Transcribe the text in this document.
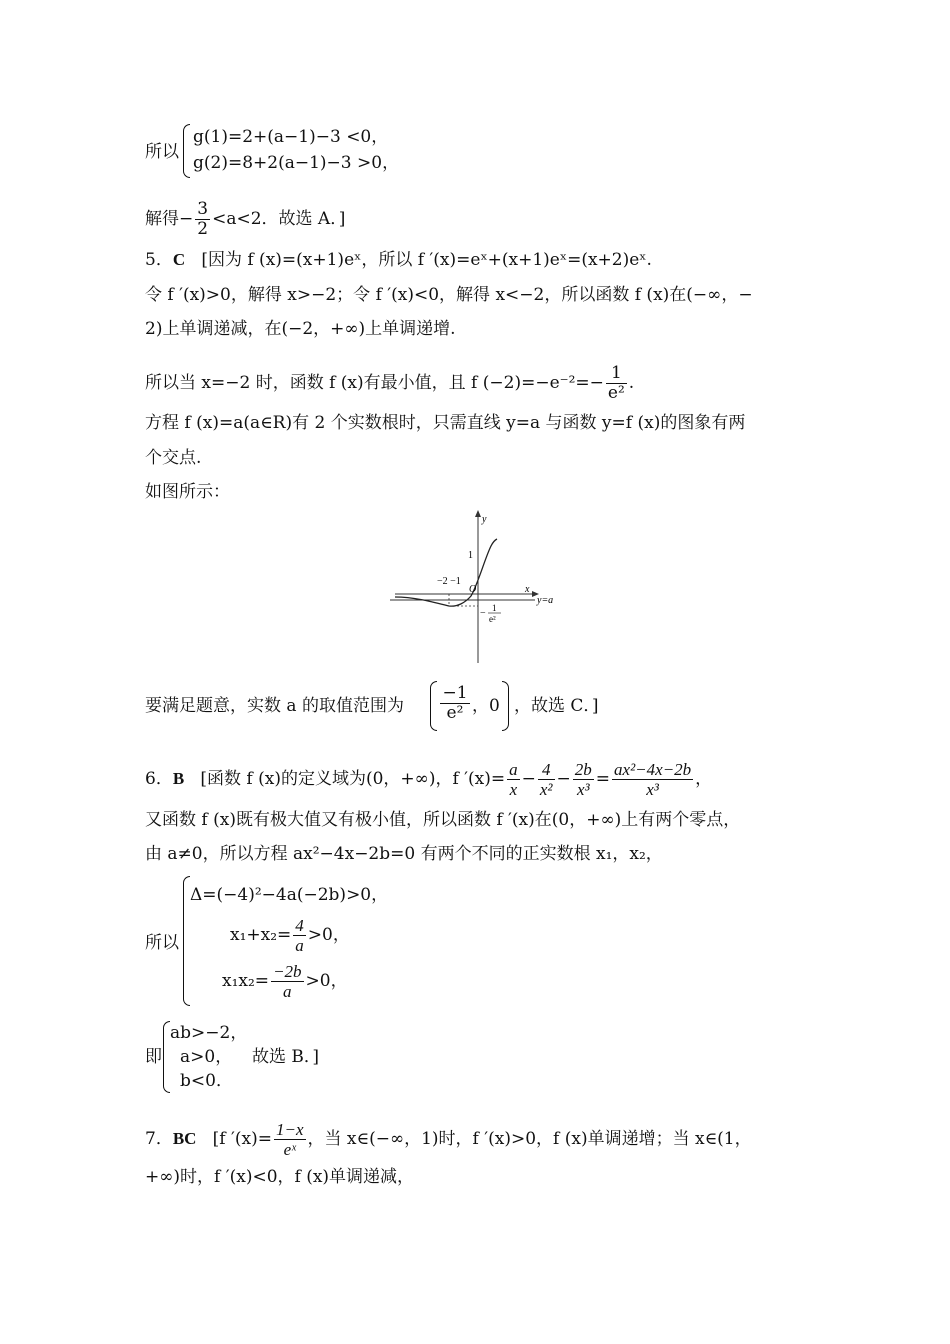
所以
g(1)=2+(a−1)−3 <0，
g(2)=8+2(a−1)−3 >0，
解得− $\frac{3}{2} <a<2$．故选 A．]
5．C [因为 f (x)=(x+1)eˣ，所以 f ′(x)=eˣ+(x+1)eˣ=(x+2)eˣ.
令 f ′(x)>0，解得 x>−2；令 f ′(x)<0，解得 x<−2，所以函数 f (x)在(−∞，−
2)上单调递减，在(−2，+∞)上单调递增.
所以当 x=−2 时，函数 f (x)有最小值，且 f $(-2)=-e^{-2}=- \frac{1}{\text{e²}}$ .
方程 f (x)=a(a∈R)有 2 个实数根时，只需直线 y=a 与函数 y=f (x)的图象有两
个交点.
如图所示：
y
x
1
−2 −1
O
y=a
− 1
e²
要满足题意，实数 a 的取值范围为
−1
e² ，0 ，故选 C．]
6．B [函数 f (x)的定义域为(0，+∞)，f $'(x)= \frac{a}{x} - \frac{4}{\text{x²}} - \frac{2b}{\text{x³}} = \frac{\text{ax²−4x−2b}}{\text{x³}}$ ，
又函数 f (x)既有极大值又有极小值，所以函数 f ′(x)在(0，+∞)上有两个零点，
由 a≠0，所以方程 ax²−4x−2b=0 有两个不同的正实数根 x₁，x₂，
所以
Δ=(−4)²−4a(−2b)>0，
$x_1+x_2= \frac{4}{a} >0$，
$x_1x_2= \frac{-2b}{a} >0$，
即
ab>−2，
a>0，
b<0．
故选 B．]
7．BC [f $'(x)= \frac{1-x}{\text{eˣ}}$ ，当 x∈(−∞，1)时，f ′(x)>0，f (x)单调递增；当 x∈(1，
+∞)时，f ′(x)<0，f (x)单调递减，
